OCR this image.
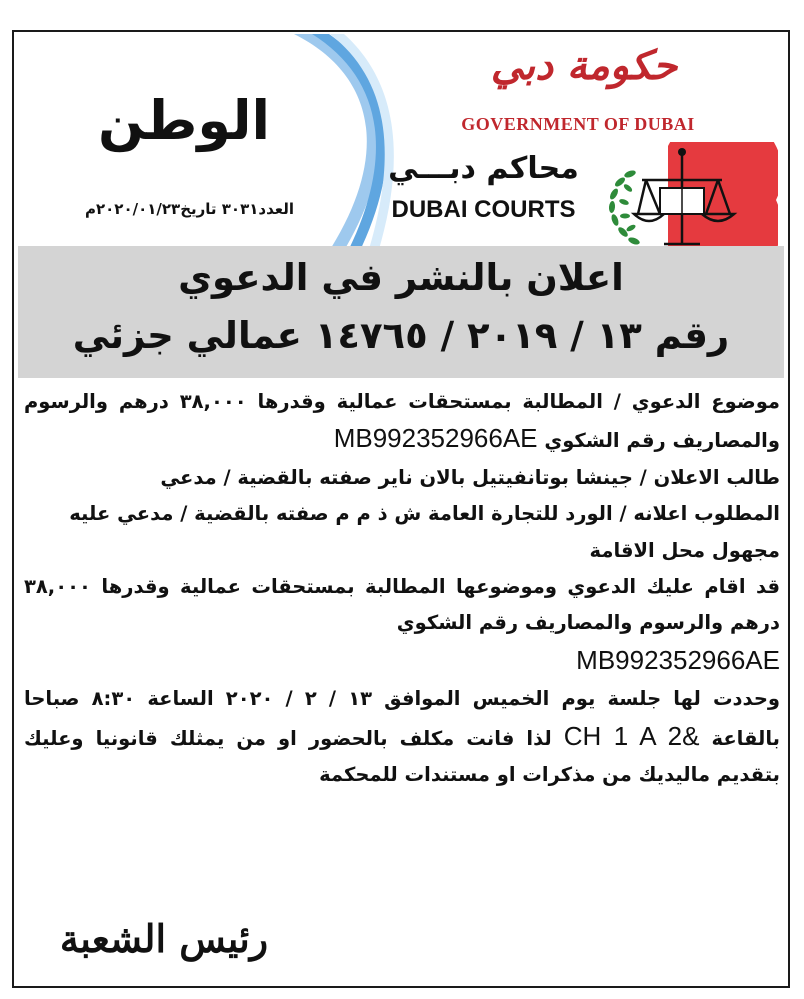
الوطن
العدد٣٠٣١ تاريخ٢٠٢٠/٠١/٢٣م
حكومة دبي
GOVERNMENT OF DUBAI
محاكم دبـــي
DUBAI COURTS
اعلان بالنشر في الدعوي
رقم ١٣ / ٢٠١٩ / ١٤٧٦٥ عمالي جزئي

موضوع الدعوي / المطالبة بمستحقات عمالية وقدرها ٣٨,٠٠٠ درهم والرسوم والمصاريف رقم الشكوي MB992352966AE

طالب الاعلان / جينشا بوتانفيتيل بالان ناير صفته بالقضية / مدعي

المطلوب اعلانه / الورد للتجارة العامة ش ذ م م صفته بالقضية / مدعي عليه

مجهول محل الاقامة

قد اقام عليك الدعوي وموضوعها المطالبة بمستحقات عمالية وقدرها ٣٨,٠٠٠ درهم والرسوم والمصاريف رقم الشكوي

MB992352966AE

وحددت لها جلسة يوم الخميس الموافق ١٣ / ٢ / ٢٠٢٠ الساعة ٨:٣٠ صباحا بالقاعة CH 1 A 2& لذا فانت مكلف بالحضور او من يمثلك قانونيا وعليك بتقديم ماليديك من مذكرات او مستندات للمحكمة

رئيس الشعبة
